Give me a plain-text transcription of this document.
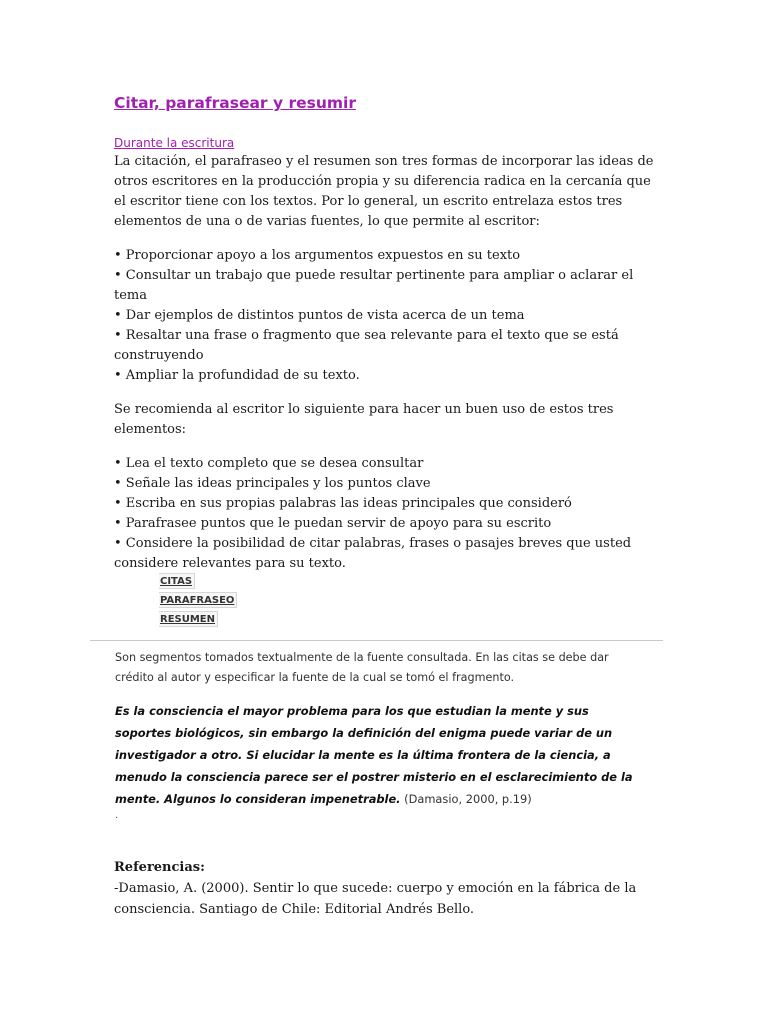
Citar, parafrasear y resumir
Durante la escritura

La citación, el parafraseo y el resumen son tres formas de incorporar las ideas de otros escritores en la producción propia y su diferencia radica en la cercanía que el escritor tiene con los textos. Por lo general, un escrito entrelaza estos tres elementos de una o de varias fuentes, lo que permite al escritor:

• Proporcionar apoyo a los argumentos expuestos en su texto
• Consultar un trabajo que puede resultar pertinente para ampliar o aclarar el tema
• Dar ejemplos de distintos puntos de vista acerca de un tema
• Resaltar una frase o fragmento que sea relevante para el texto que se está construyendo
• Ampliar la profundidad de su texto.

Se recomienda al escritor lo siguiente para hacer un buen uso de estos tres elementos:

• Lea el texto completo que se desea consultar
• Señale las ideas principales y los puntos clave
• Escriba en sus propias palabras las ideas principales que consideró
• Parafrasee puntos que le puedan servir de apoyo para su escrito
• Considere la posibilidad de citar palabras, frases o pasajes breves que usted considere relevantes para su texto.
CITAS
PARAFRASEO
RESUMEN

Son segmentos tomados textualmente de la fuente consultada. En las citas se debe dar crédito al autor y especificar la fuente de la cual se tomó el fragmento.

Es la consciencia el mayor problema para los que estudian la mente y sus soportes biológicos, sin embargo la definición del enigma puede variar de un investigador a otro. Si elucidar la mente es la última frontera de la ciencia, a menudo la consciencia parece ser el postrer misterio en el esclarecimiento de la mente. Algunos lo consideran impenetrable. (Damasio, 2000, p.19)

.

Referencias:

-Damasio, A. (2000). Sentir lo que sucede: cuerpo y emoción en la fábrica de la consciencia. Santiago de Chile: Editorial Andrés Bello.
